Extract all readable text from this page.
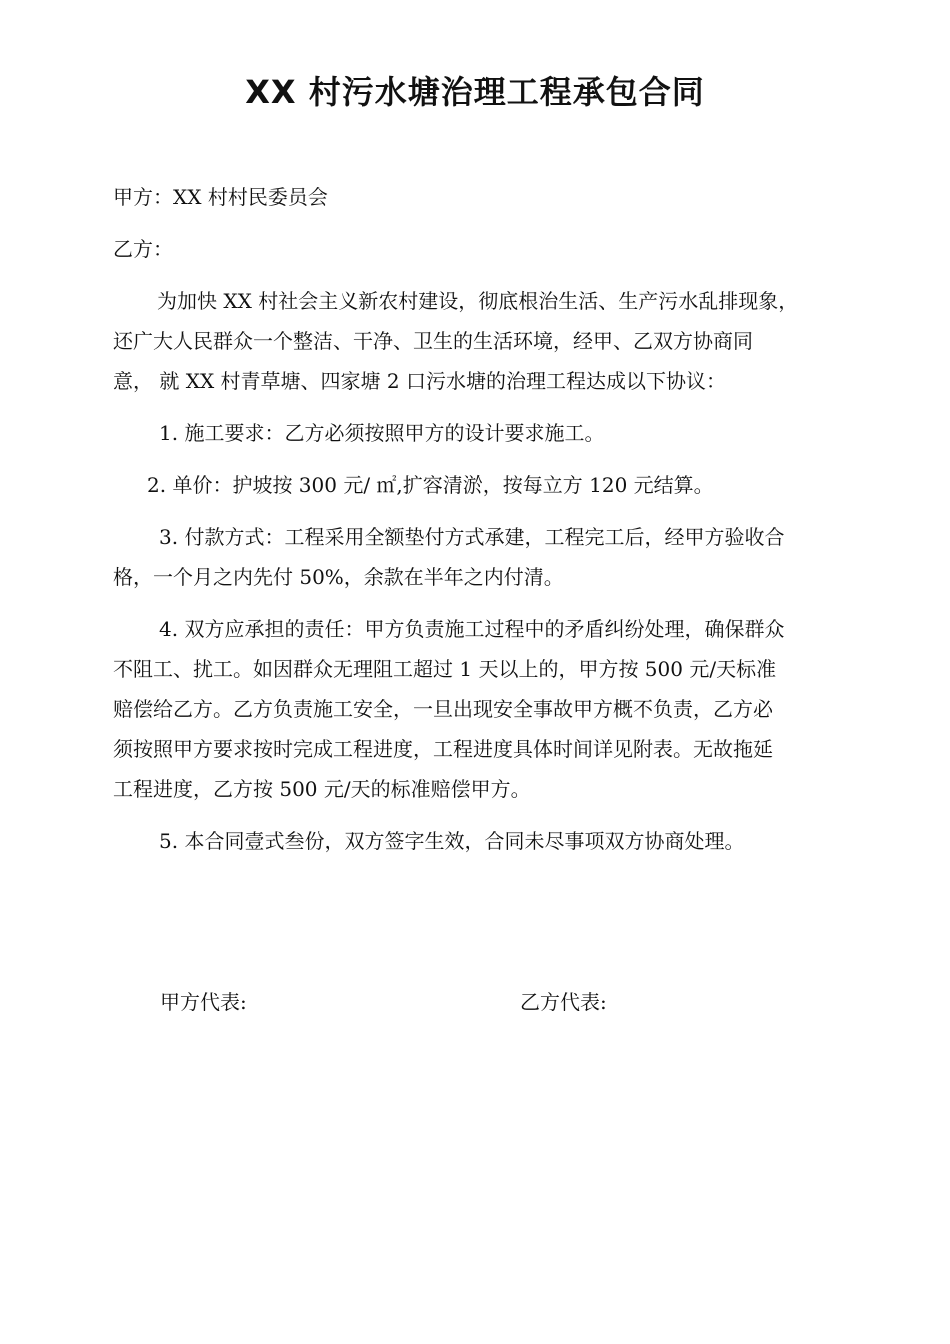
XX 村污水塘治理工程承包合同
甲方：XX 村村民委员会
乙方：
为加快 XX 村社会主义新农村建设，彻底根治生活、生产污水乱排现象，
还广大人民群众一个整洁、干净、卫生的生活环境，经甲、乙双方协商同
意， 就 XX 村青草塘、四家塘 2 口污水塘的治理工程达成以下协议：
1. 施工要求：乙方必须按照甲方的设计要求施工。
2. 单价：护坡按 300 元/ ㎡,扩容清淤，按每立方 120 元结算。
3. 付款方式：工程采用全额垫付方式承建，工程完工后，经甲方验收合
格，一个月之内先付 50%，余款在半年之内付清。
4. 双方应承担的责任：甲方负责施工过程中的矛盾纠纷处理，确保群众
不阻工、扰工。如因群众无理阻工超过 1 天以上的，甲方按 500 元/天标准
赔偿给乙方。乙方负责施工安全，一旦出现安全事故甲方概不负责，乙方必
须按照甲方要求按时完成工程进度，工程进度具体时间详见附表。无故拖延
工程进度，乙方按 500 元/天的标准赔偿甲方。
5. 本合同壹式叁份，双方签字生效，合同未尽事项双方协商处理。
甲方代表:	乙方代表:
